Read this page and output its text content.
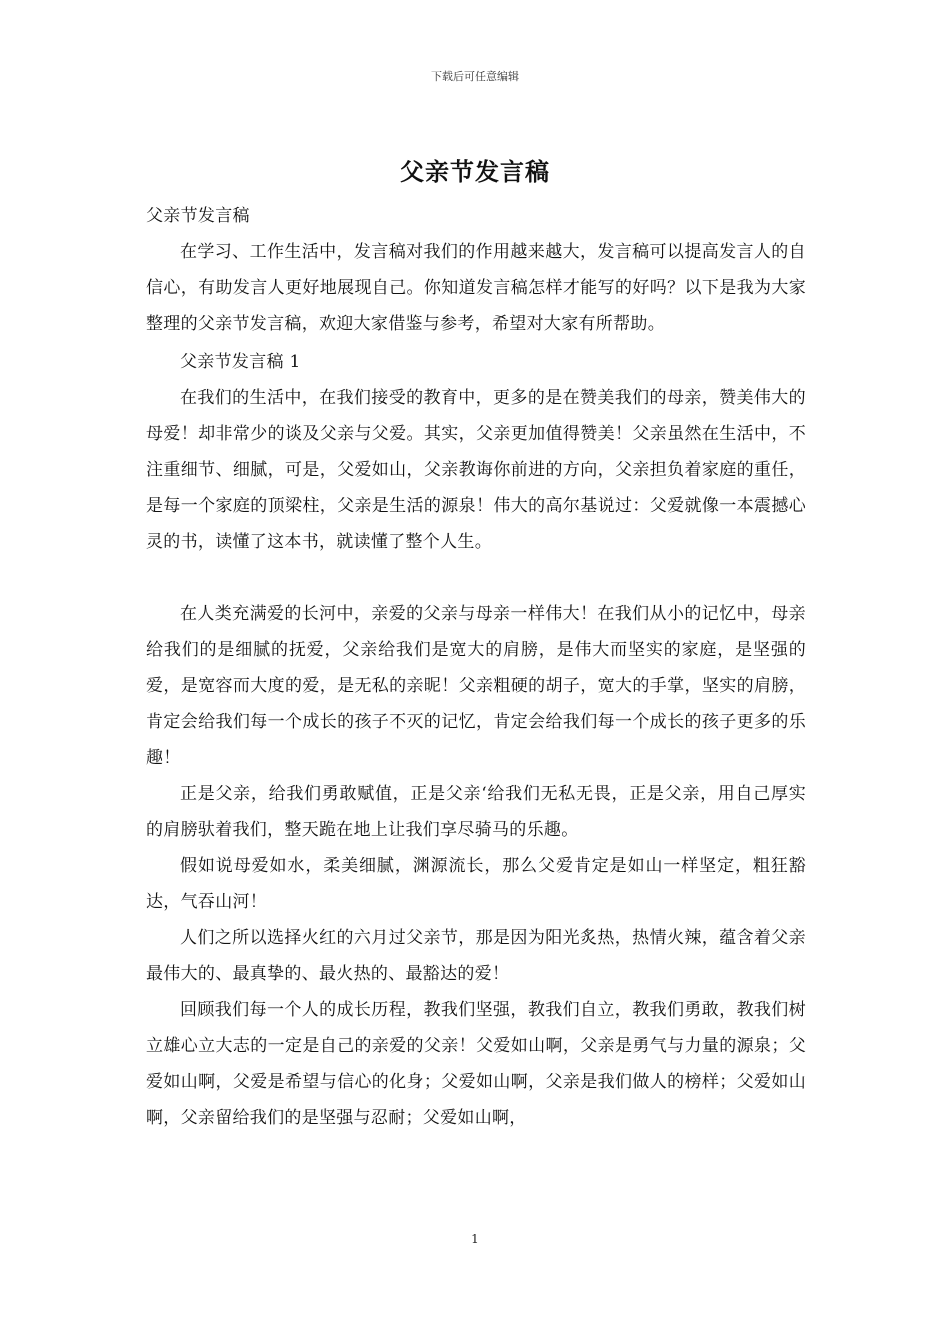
下载后可任意编辑
父亲节发言稿

父亲节发言稿

在学习、工作生活中，发言稿对我们的作用越来越大，发言稿可以提高发言人的自信心，有助发言人更好地展现自己。你知道发言稿怎样才能写的好吗？以下是我为大家整理的父亲节发言稿，欢迎大家借鉴与参考，希望对大家有所帮助。

父亲节发言稿 1

在我们的生活中，在我们接受的教育中，更多的是在赞美我们的母亲，赞美伟大的母爱！却非常少的谈及父亲与父爱。其实，父亲更加值得赞美！父亲虽然在生活中，不注重细节、细腻，可是，父爱如山，父亲教诲你前进的方向，父亲担负着家庭的重任，是每一个家庭的顶梁柱，父亲是生活的源泉！伟大的高尔基说过：父爱就像一本震撼心灵的书，读懂了这本书，就读懂了整个人生。

在人类充满爱的长河中，亲爱的父亲与母亲一样伟大！在我们从小的记忆中，母亲给我们的是细腻的抚爱，父亲给我们是宽大的肩膀，是伟大而坚实的家庭，是坚强的爱，是宽容而大度的爱，是无私的亲昵！父亲粗硬的胡子，宽大的手掌，坚实的肩膀，肯定会给我们每一个成长的孩子不灭的记忆，肯定会给我们每一个成长的孩子更多的乐趣！

正是父亲，给我们勇敢赋值，正是父亲‘给我们无私无畏，正是父亲，用自己厚实的肩膀驮着我们，整天跪在地上让我们享尽骑马的乐趣。

假如说母爱如水，柔美细腻，渊源流长，那么父爱肯定是如山一样坚定，粗狂豁达，气吞山河！

人们之所以选择火红的六月过父亲节，那是因为阳光炙热，热情火辣，蕴含着父亲最伟大的、最真挚的、最火热的、最豁达的爱！

回顾我们每一个人的成长历程，教我们坚强，教我们自立，教我们勇敢，教我们树立雄心立大志的一定是自己的亲爱的父亲！父爱如山啊，父亲是勇气与力量的源泉；父爱如山啊，父爱是希望与信心的化身；父爱如山啊，父亲是我们做人的榜样；父爱如山啊，父亲留给我们的是坚强与忍耐；父爱如山啊，

1
